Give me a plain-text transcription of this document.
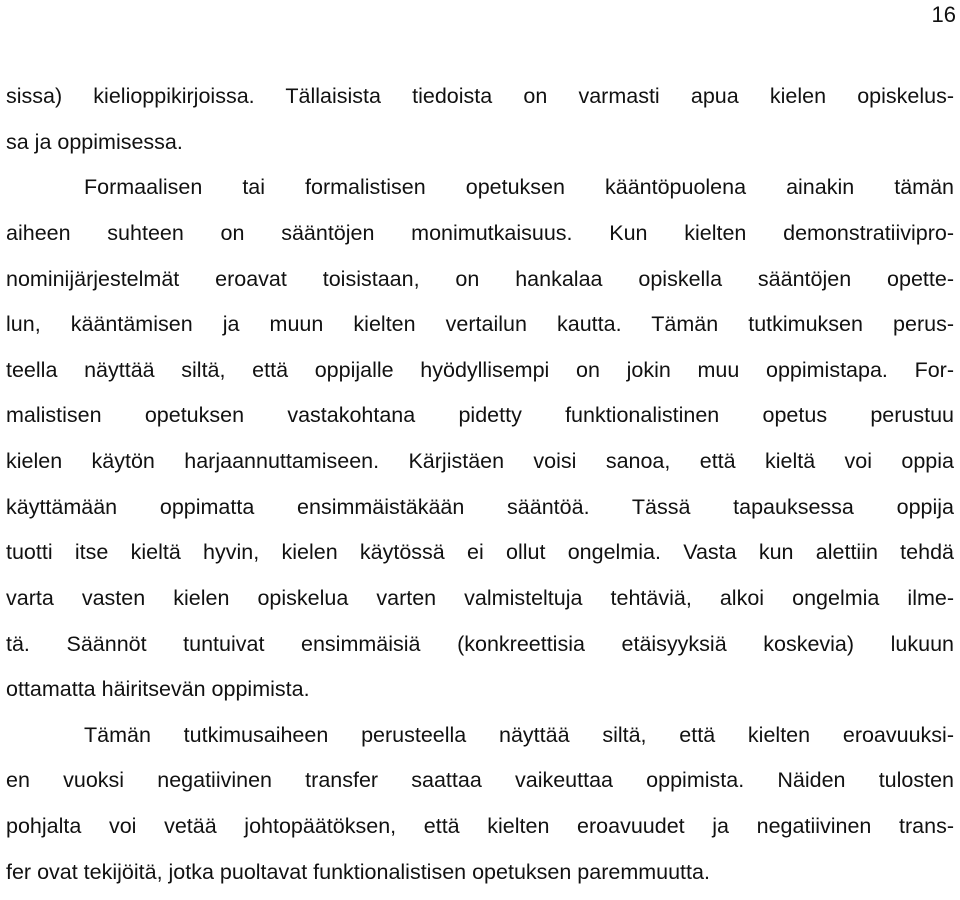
16
sissa) kielioppikirjoissa. Tällaisista tiedoista on varmasti apua kielen opiskelus-
sa ja oppimisessa.
Formaalisen tai formalistisen opetuksen kääntöpuolena ainakin tämän
aiheen suhteen on sääntöjen monimutkaisuus. Kun kielten demonstratiivipro-
nominijärjestelmät eroavat toisistaan, on hankalaa opiskella sääntöjen opette-
lun, kääntämisen ja muun kielten vertailun kautta. Tämän tutkimuksen perus-
teella näyttää siltä, että oppijalle hyödyllisempi on jokin muu oppimistapa. For-
malistisen opetuksen vastakohtana pidetty funktionalistinen opetus perustuu
kielen käytön harjaannuttamiseen. Kärjistäen voisi sanoa, että kieltä voi oppia
käyttämään oppimatta ensimmäistäkään sääntöä. Tässä tapauksessa oppija
tuotti itse kieltä hyvin, kielen käytössä ei ollut ongelmia. Vasta kun alettiin tehdä
varta vasten kielen opiskelua varten valmisteltuja tehtäviä, alkoi ongelmia ilme-
tä. Säännöt tuntuivat ensimmäisiä (konkreettisia etäisyyksiä koskevia) lukuun
ottamatta häiritsevän oppimista.
Tämän tutkimusaiheen perusteella näyttää siltä, että kielten eroavuuksi-
en vuoksi negatiivinen transfer saattaa vaikeuttaa oppimista. Näiden tulosten
pohjalta voi vetää johtopäätöksen, että kielten eroavuudet ja negatiivinen trans-
fer ovat tekijöitä, jotka puoltavat funktionalistisen opetuksen paremmuutta.
